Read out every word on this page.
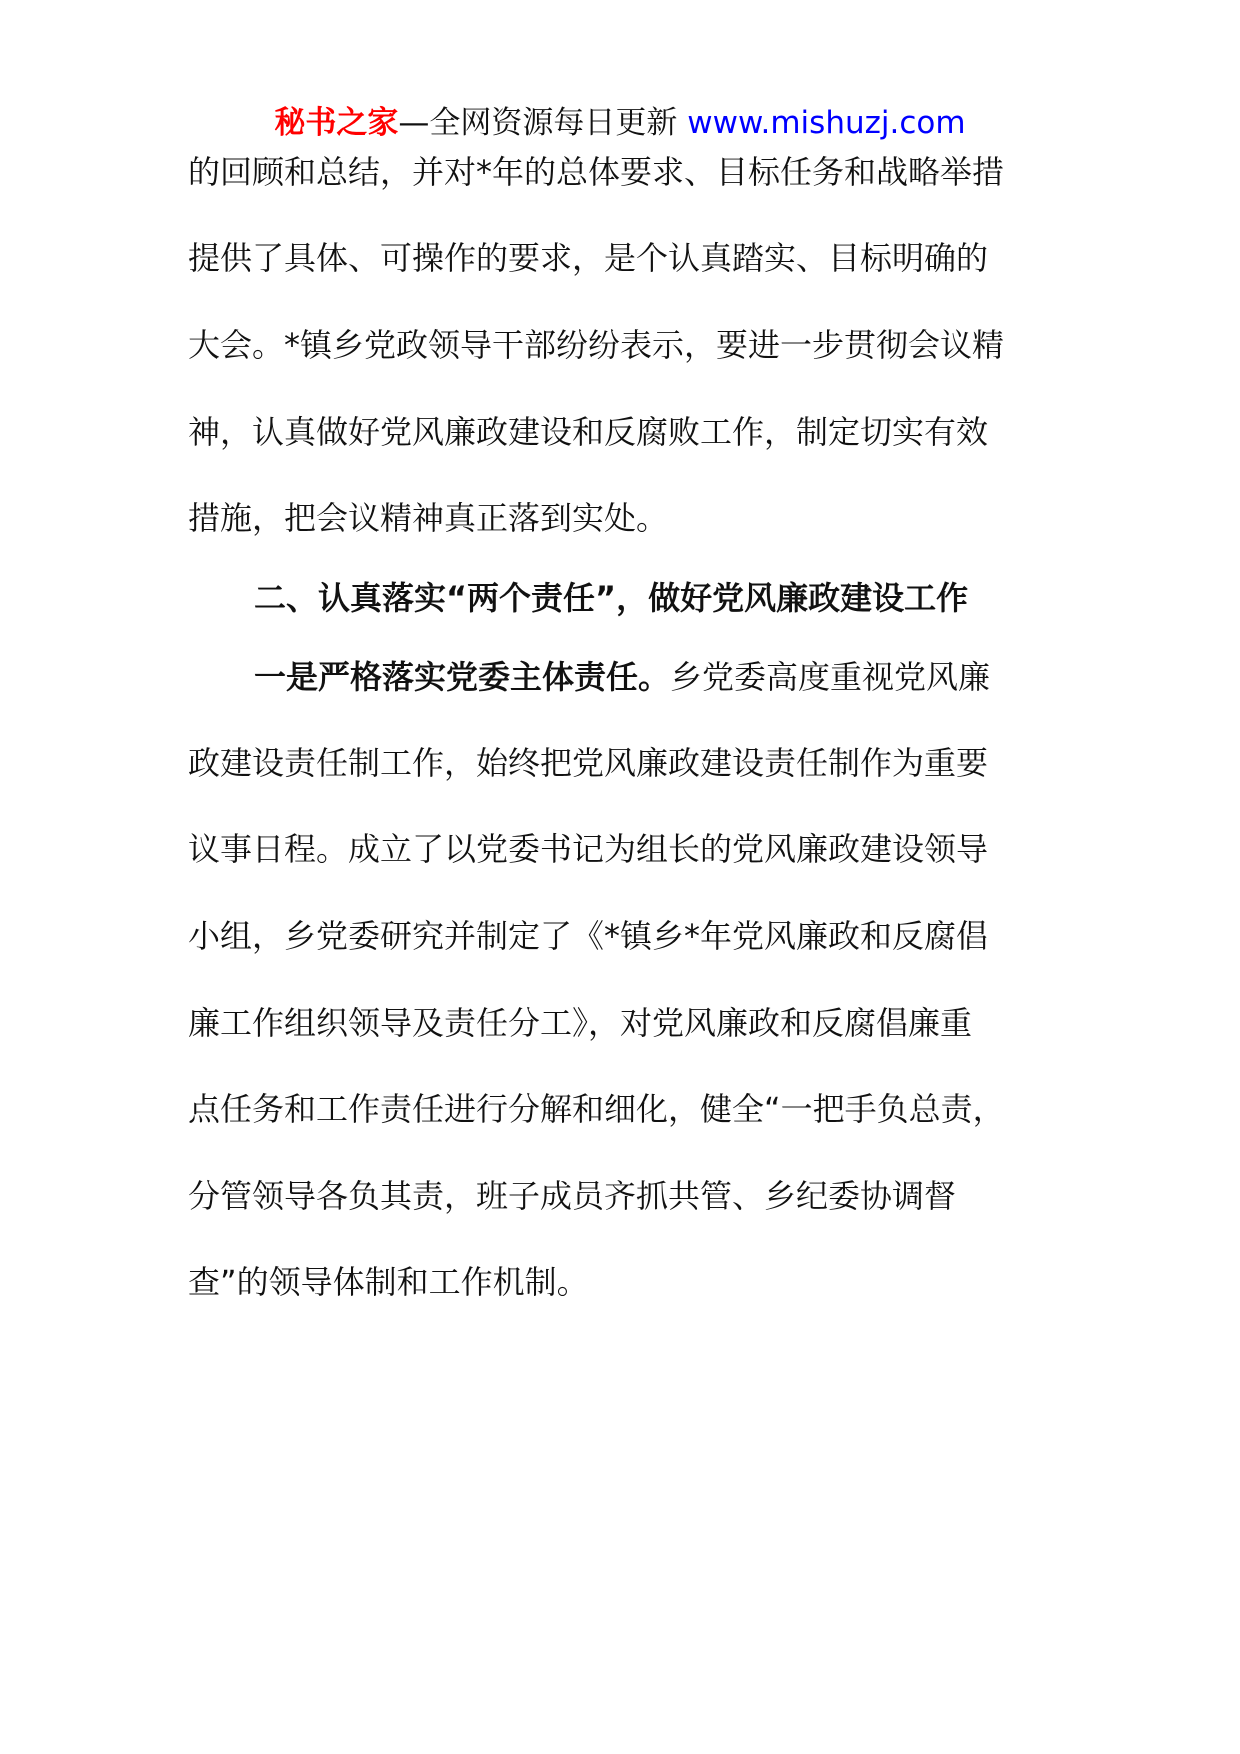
秘书之家—全网资源每日更新 www.mishuzj.com
的回顾和总结，并对*年的总体要求、目标任务和战略举措
提供了具体、可操作的要求，是个认真踏实、目标明确的
大会。*镇乡党政领导干部纷纷表示，要进一步贯彻会议精
神，认真做好党风廉政建设和反腐败工作，制定切实有效
措施，把会议精神真正落到实处。
二、认真落实“两个责任”，做好党风廉政建设工作
一是严格落实党委主体责任。乡党委高度重视党风廉
政建设责任制工作，始终把党风廉政建设责任制作为重要
议事日程。成立了以党委书记为组长的党风廉政建设领导
小组，乡党委研究并制定了《*镇乡*年党风廉政和反腐倡
廉工作组织领导及责任分工》，对党风廉政和反腐倡廉重
点任务和工作责任进行分解和细化，健全“一把手负总责，
分管领导各负其责，班子成员齐抓共管、乡纪委协调督
查”的领导体制和工作机制。
